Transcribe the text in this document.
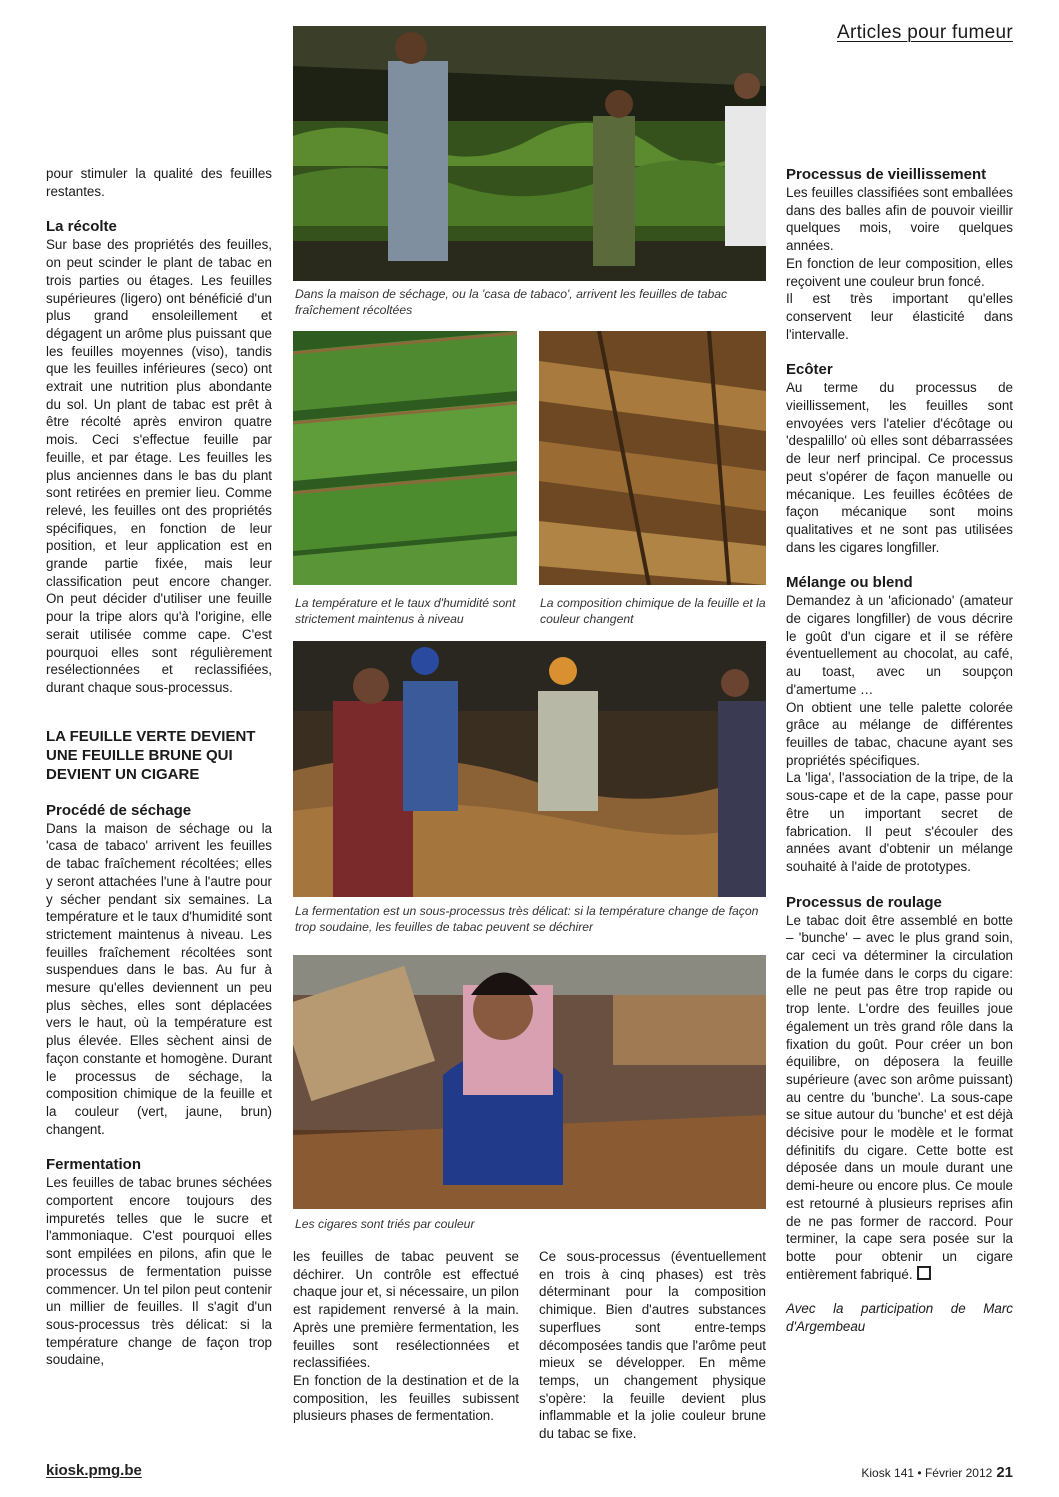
Articles pour fumeur

pour stimuler la qualité des feuilles restantes.

La récolte

Sur base des propriétés des feuilles, on peut scinder le plant de tabac en trois parties ou étages. Les feuilles supérieures (ligero) ont bénéficié d'un plus grand ensoleillement et dégagent un arôme plus puissant que les feuilles moyennes (viso), tandis que les feuilles inférieures (seco) ont extrait une nutrition plus abondante du sol. Un plant de tabac est prêt à être récolté après environ quatre mois. Ceci s'effectue feuille par feuille, et par étage. Les feuilles les plus anciennes dans le bas du plant sont retirées en premier lieu. Comme relevé, les feuilles ont des propriétés spécifiques, en fonction de leur position, et leur application est en grande partie fixée, mais leur classification peut encore changer. On peut décider d'utiliser une feuille pour la tripe alors qu'à l'origine, elle serait utilisée comme cape. C'est pourquoi elles sont régulièrement resélectionnées et reclassifiées, durant chaque sous-processus.

LA FEUILLE VERTE DEVIENT UNE FEUILLE BRUNE QUI DEVIENT UN CIGARE
Procédé de séchage

Dans la maison de séchage ou la 'casa de tabaco' arrivent les feuilles de tabac fraîchement récoltées; elles y seront attachées l'une à l'autre pour y sécher pendant six semaines. La température et le taux d'humidité sont strictement maintenus à niveau. Les feuilles fraîchement récoltées sont suspendues dans le bas. Au fur à mesure qu'elles deviennent un peu plus sèches, elles sont déplacées vers le haut, où la température est plus élevée. Elles sèchent ainsi de façon constante et homogène. Durant le processus de séchage, la composition chimique de la feuille et la couleur (vert, jaune, brun) changent.

Fermentation

Les feuilles de tabac brunes séchées comportent encore toujours des impuretés telles que le sucre et l'ammoniaque. C'est pourquoi elles sont empilées en pilons, afin que le processus de fermentation puisse commencer. Un tel pilon peut contenir un millier de feuilles. Il s'agit d'un sous-processus très délicat: si la température change de façon trop soudaine,

Dans la maison de séchage, ou la 'casa de tabaco', arrivent les feuilles de tabac fraîchement récoltées
La température et le taux d'humidité sont strictement maintenus à niveau
La composition chimique de la feuille et la couleur changent
La fermentation est un sous-processus très délicat: si la température change de façon trop soudaine, les feuilles de tabac peuvent se déchirer
Les cigares sont triés par couleur

les feuilles de tabac peuvent se déchirer. Un contrôle est effectué chaque jour et, si nécessaire, un pilon est rapidement renversé à la main. Après une première fermentation, les feuilles sont resélectionnées et reclassifiées.

En fonction de la destination et de la composition, les feuilles subissent plusieurs phases de fermentation.

Ce sous-processus (éventuellement en trois à cinq phases) est très déterminant pour la composition chimique. Bien d'autres substances superflues sont entre-temps décomposées tandis que l'arôme peut mieux se développer. En même temps, un changement physique s'opère: la feuille devient plus inflammable et la jolie couleur brune du tabac se fixe.

Processus de vieillissement

Les feuilles classifiées sont emballées dans des balles afin de pouvoir vieillir quelques mois, voire quelques années.

En fonction de leur composition, elles reçoivent une couleur brun foncé.

Il est très important qu'elles conservent leur élasticité dans l'intervalle.

Ecôter

Au terme du processus de vieillissement, les feuilles sont envoyées vers l'atelier d'écôtage ou 'despalillo' où elles sont débarrassées de leur nerf principal. Ce processus peut s'opérer de façon manuelle ou mécanique. Les feuilles écôtées de façon mécanique sont moins qualitatives et ne sont pas utilisées dans les cigares longfiller.

Mélange ou blend

Demandez à un 'aficionado' (amateur de cigares longfiller) de vous décrire le goût d'un cigare et il se réfère éventuellement au chocolat, au café, au toast, avec un soupçon d'amertume …

On obtient une telle palette colorée grâce au mélange de différentes feuilles de tabac, chacune ayant ses propriétés spécifiques.

La 'liga', l'association de la tripe, de la sous-cape et de la cape, passe pour être un important secret de fabrication. Il peut s'écouler des années avant d'obtenir un mélange souhaité à l'aide de prototypes.

Processus de roulage

Le tabac doit être assemblé en botte – 'bunche' – avec le plus grand soin, car ceci va déterminer la circulation de la fumée dans le corps du cigare: elle ne peut pas être trop rapide ou trop lente. L'ordre des feuilles joue également un très grand rôle dans la fixation du goût. Pour créer un bon équilibre, on déposera la feuille supérieure (avec son arôme puissant) au centre du 'bunche'. La sous-cape se situe autour du 'bunche' et est déjà décisive pour le modèle et le format définitifs du cigare. Cette botte est déposée dans un moule durant une demi-heure ou encore plus. Ce moule est retourné à plusieurs reprises afin de ne pas former de raccord. Pour terminer, la cape sera posée sur la botte pour obtenir un cigare entièrement fabriqué.

Avec la participation de Marc d'Argembeau

kiosk.pmg.be	Kiosk 141 • Février 2012 21
